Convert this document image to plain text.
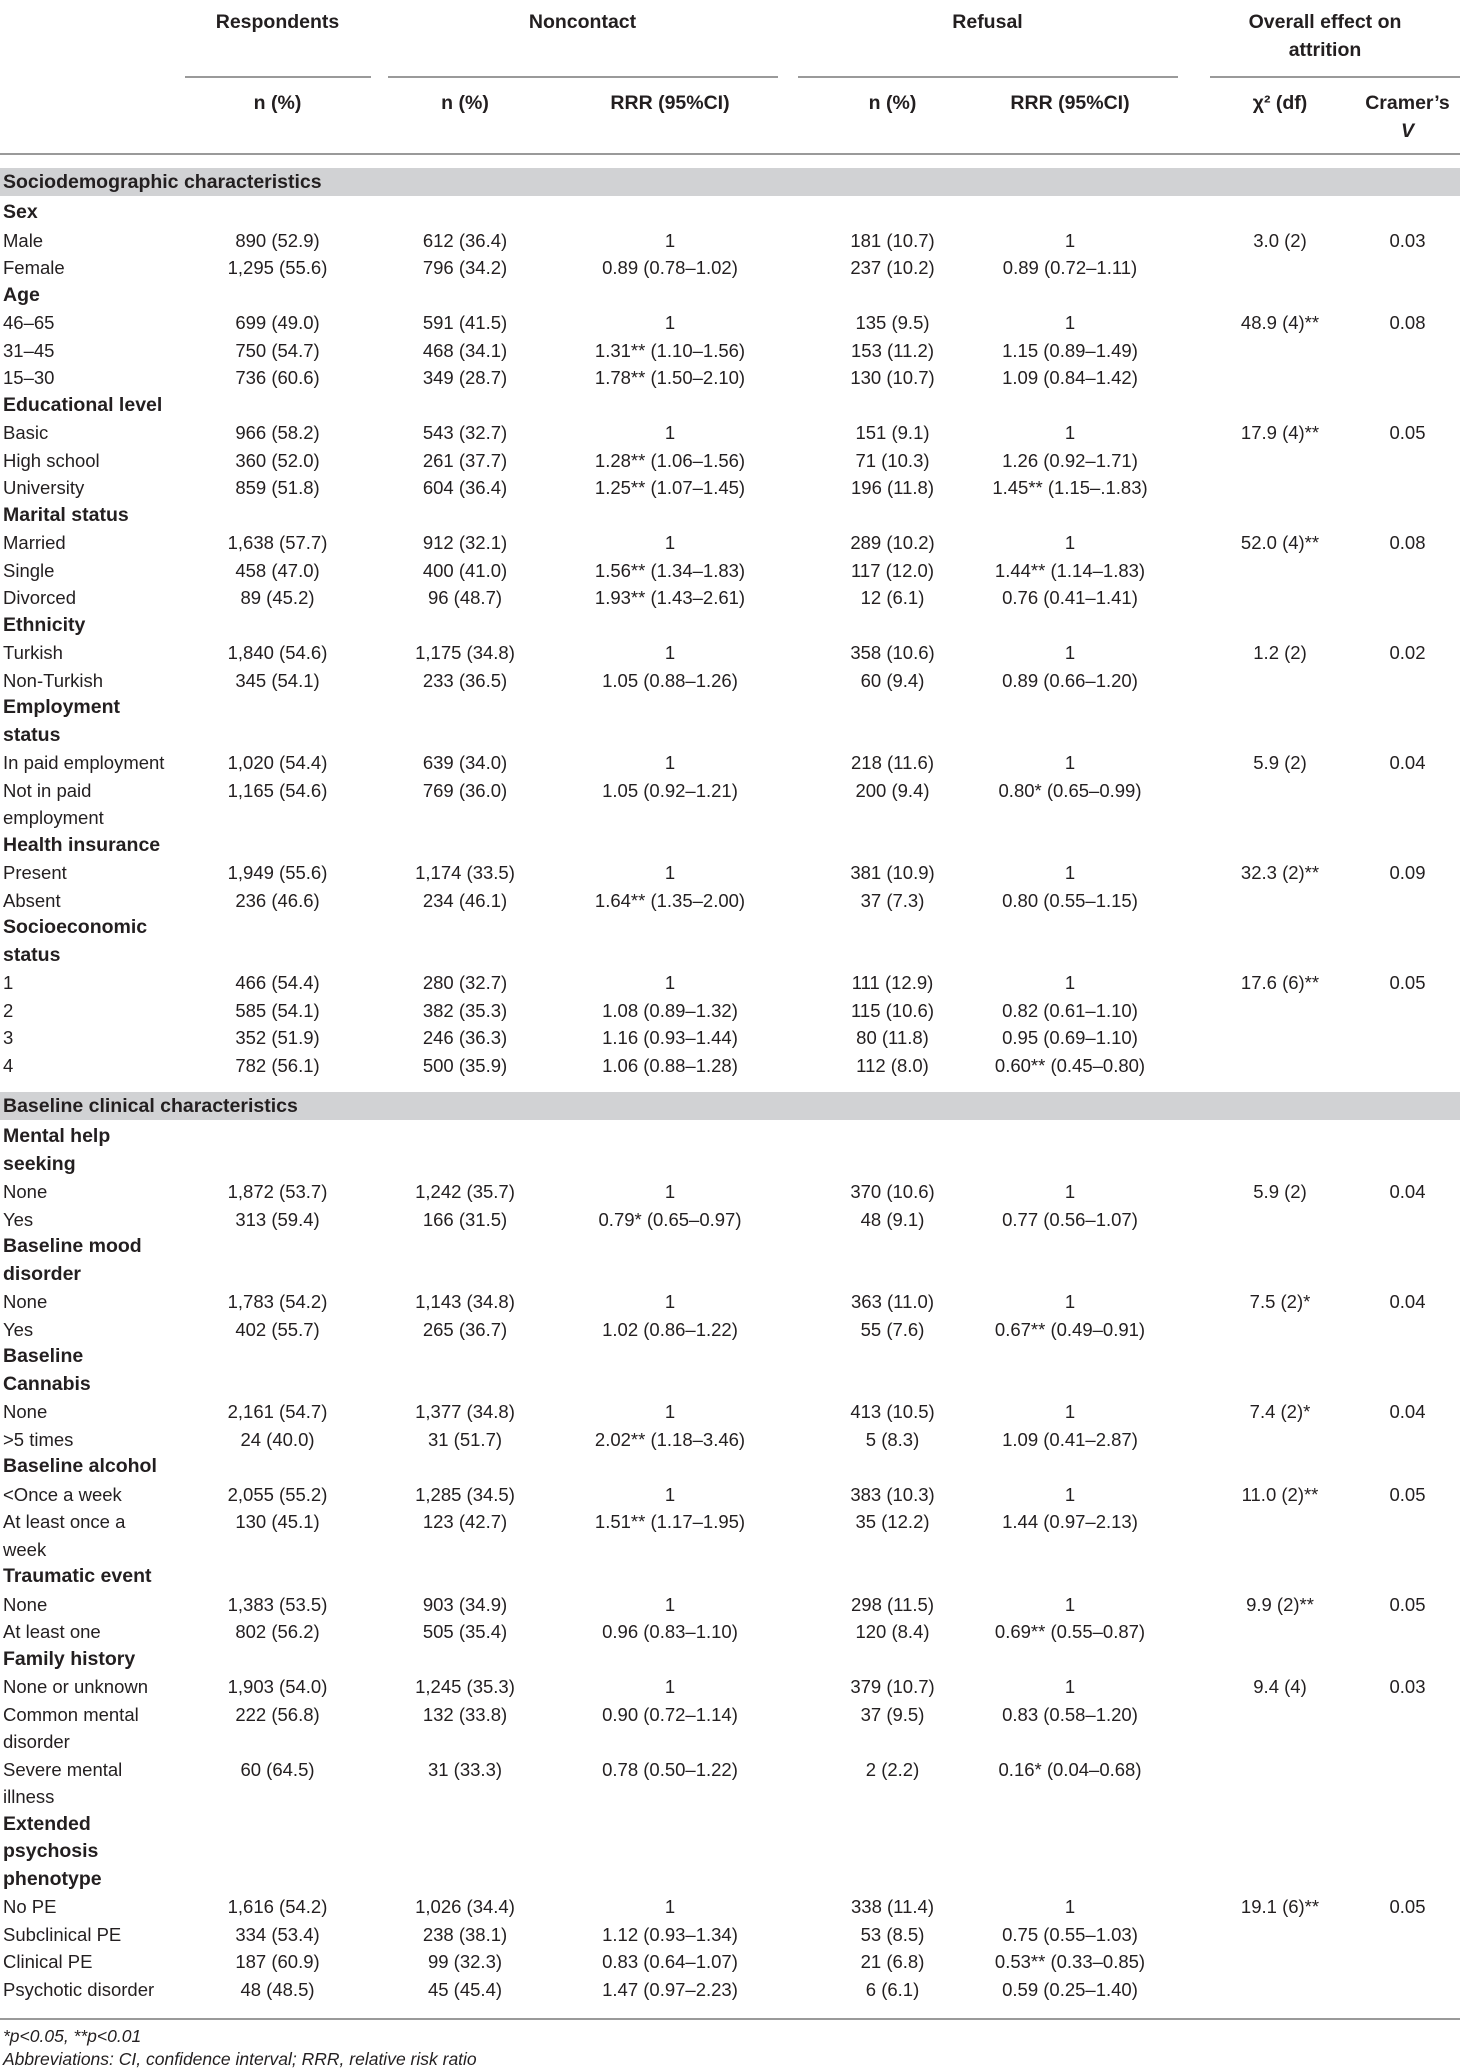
Respondents	Noncontact	Refusal	Overall effect on attrition
n (%)	n (%)	RRR (95%CI)	n (%)	RRR (95%CI)	χ² (df)	Cramer’s
V
Sociodemographic characteristics
Sex
Male	890 (52.9)	612 (36.4)	1	181 (10.7)	1	3.0 (2)	0.03
Female	1,295 (55.6)	796 (34.2)	0.89 (0.78–1.02)	237 (10.2)	0.89 (0.72–1.11)
Age
46–65	699 (49.0)	591 (41.5)	1	135 (9.5)	1	48.9 (4)**	0.08
31–45	750 (54.7)	468 (34.1)	1.31** (1.10–1.56)	153 (11.2)	1.15 (0.89–1.49)
15–30	736 (60.6)	349 (28.7)	1.78** (1.50–2.10)	130 (10.7)	1.09 (0.84–1.42)
Educational level
Basic	966 (58.2)	543 (32.7)	1	151 (9.1)	1	17.9 (4)**	0.05
High school	360 (52.0)	261 (37.7)	1.28** (1.06–1.56)	71 (10.3)	1.26 (0.92–1.71)
University	859 (51.8)	604 (36.4)	1.25** (1.07–1.45)	196 (11.8)	1.45** (1.15–.1.83)
Marital status
Married	1,638 (57.7)	912 (32.1)	1	289 (10.2)	1	52.0 (4)**	0.08
Single	458 (47.0)	400 (41.0)	1.56** (1.34–1.83)	117 (12.0)	1.44** (1.14–1.83)
Divorced	89 (45.2)	96 (48.7)	1.93** (1.43–2.61)	12 (6.1)	0.76 (0.41–1.41)
Ethnicity
Turkish	1,840 (54.6)	1,175 (34.8)	1	358 (10.6)	1	1.2 (2)	0.02
Non-Turkish	345 (54.1)	233 (36.5)	1.05 (0.88–1.26)	60 (9.4)	0.89 (0.66–1.20)
Employment
status
In paid employment	1,020 (54.4)	639 (34.0)	1	218 (11.6)	1	5.9 (2)	0.04
Not in paid
employment
1,165 (54.6)	769 (36.0)	1.05 (0.92–1.21)	200 (9.4)	0.80* (0.65–0.99)
Health insurance
Present	1,949 (55.6)	1,174 (33.5)	1	381 (10.9)	1	32.3 (2)**	0.09
Absent	236 (46.6)	234 (46.1)	1.64** (1.35–2.00)	37 (7.3)	0.80 (0.55–1.15)
Socioeconomic
status
1	466 (54.4)	280 (32.7)	1	111 (12.9)	1	17.6 (6)**	0.05
2	585 (54.1)	382 (35.3)	1.08 (0.89–1.32)	115 (10.6)	0.82 (0.61–1.10)
3	352 (51.9)	246 (36.3)	1.16 (0.93–1.44)	80 (11.8)	0.95 (0.69–1.10)
4	782 (56.1)	500 (35.9)	1.06 (0.88–1.28)	112 (8.0)	0.60** (0.45–0.80)
Baseline clinical characteristics
Mental help
seeking
None	1,872 (53.7)	1,242 (35.7)	1	370 (10.6)	1	5.9 (2)	0.04
Yes	313 (59.4)	166 (31.5)	0.79* (0.65–0.97)	48 (9.1)	0.77 (0.56–1.07)
Baseline mood
disorder
None	1,783 (54.2)	1,143 (34.8)	1	363 (11.0)	1	7.5 (2)*	0.04
Yes	402 (55.7)	265 (36.7)	1.02 (0.86–1.22)	55 (7.6)	0.67** (0.49–0.91)
Baseline
Cannabis
None	2,161 (54.7)	1,377 (34.8)	1	413 (10.5)	1	7.4 (2)*	0.04
>5 times	24 (40.0)	31 (51.7)	2.02** (1.18–3.46)	5 (8.3)	1.09 (0.41–2.87)
Baseline alcohol
<Once a week	2,055 (55.2)	1,285 (34.5)	1	383 (10.3)	1	11.0 (2)**	0.05
At least once a
week
130 (45.1)	123 (42.7)	1.51** (1.17–1.95)	35 (12.2)	1.44 (0.97–2.13)
Traumatic event
None	1,383 (53.5)	903 (34.9)	1	298 (11.5)	1	9.9 (2)**	0.05
At least one	802 (56.2)	505 (35.4)	0.96 (0.83–1.10)	120 (8.4)	0.69** (0.55–0.87)
Family history
None or unknown	1,903 (54.0)	1,245 (35.3)	1	379 (10.7)	1	9.4 (4)	0.03
Common mental
disorder
222 (56.8)	132 (33.8)	0.90 (0.72–1.14)	37 (9.5)	0.83 (0.58–1.20)
Severe mental
illness
60 (64.5)	31 (33.3)	0.78 (0.50–1.22)	2 (2.2)	0.16* (0.04–0.68)
Extended
psychosis
phenotype
No PE	1,616 (54.2)	1,026 (34.4)	1	338 (11.4)	1	19.1 (6)**	0.05
Subclinical PE	334 (53.4)	238 (38.1)	1.12 (0.93–1.34)	53 (8.5)	0.75 (0.55–1.03)
Clinical PE	187 (60.9)	99 (32.3)	0.83 (0.64–1.07)	21 (6.8)	0.53** (0.33–0.85)
Psychotic disorder	48 (48.5)	45 (45.4)	1.47 (0.97–2.23)	6 (6.1)	0.59 (0.25–1.40)
*p<0.05, **p<0.01
Abbreviations: CI, confidence interval; RRR, relative risk ratio
